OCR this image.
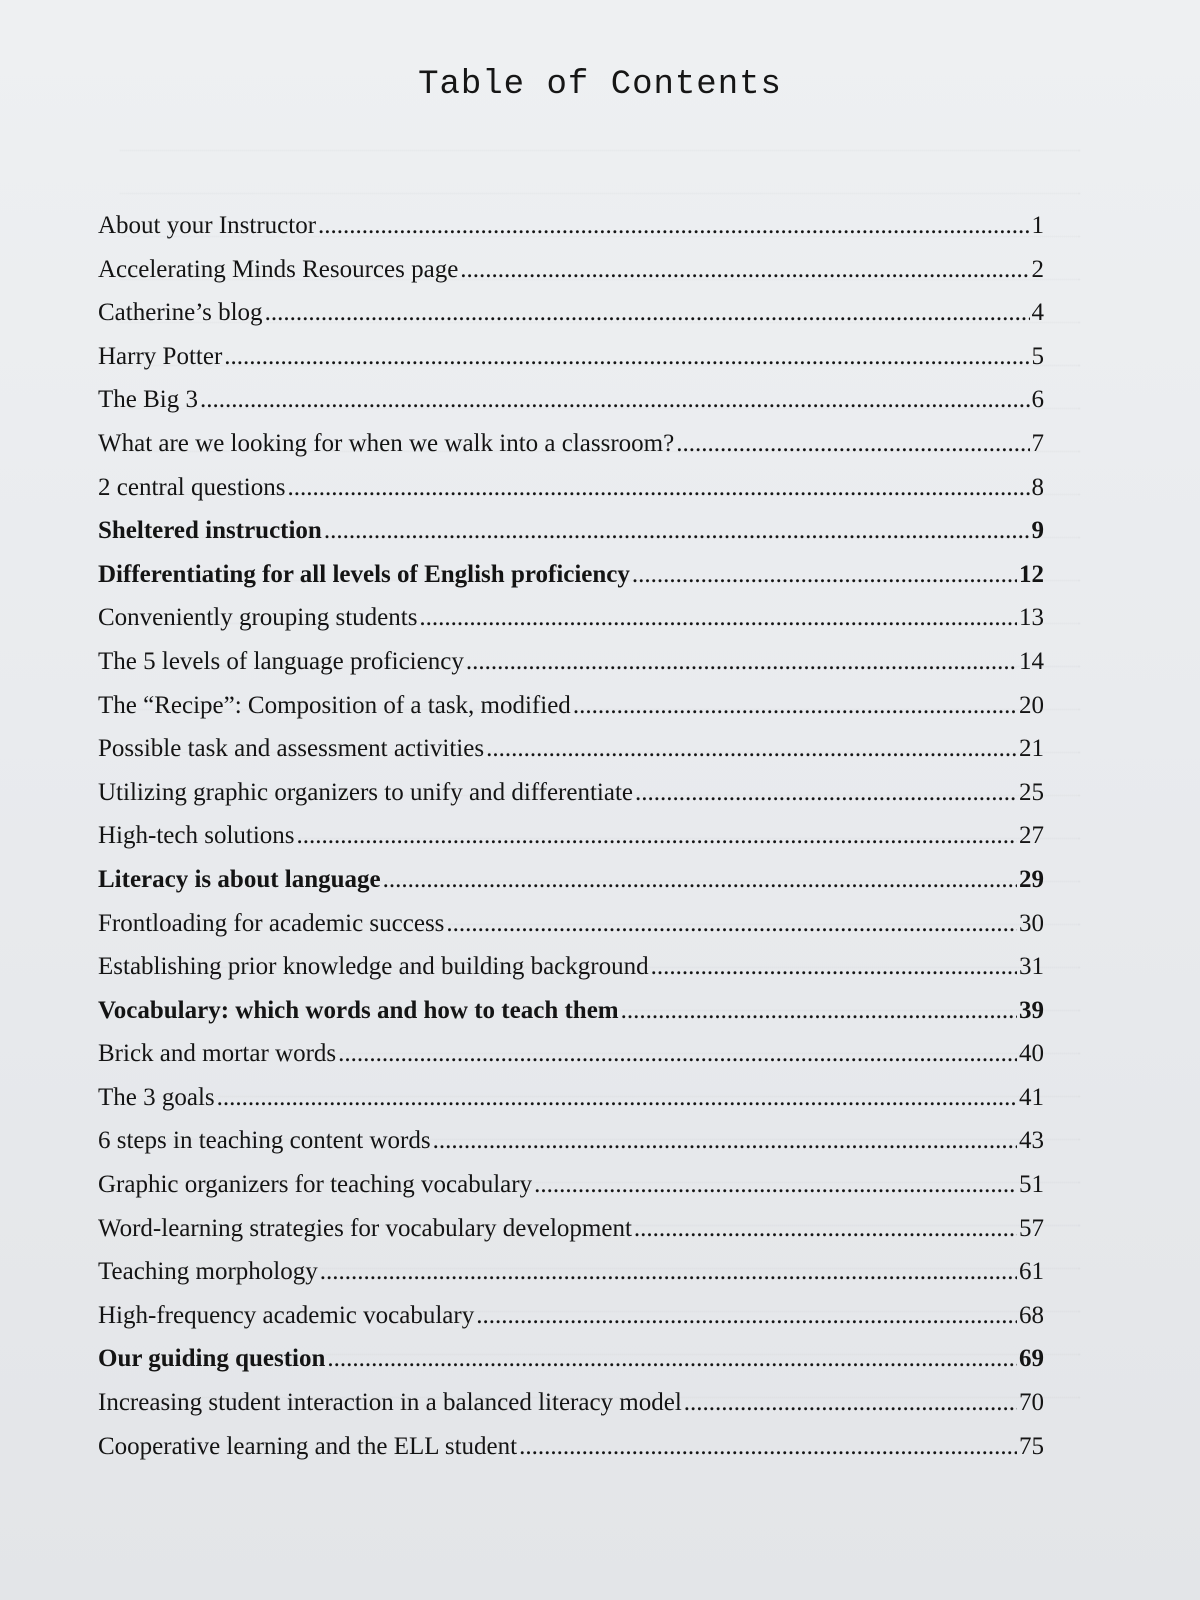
Table of Contents
About your Instructor .....	1
Accelerating Minds Resources page .....	2
Catherine’s blog .....	4
Harry Potter .....	5
The Big 3 .....	6
What are we looking for when we walk into a classroom? .....	7
2 central questions .....	8
Sheltered instruction .....	9
Differentiating for all levels of English proficiency .....	12
Conveniently grouping students .....	13
The 5 levels of language proficiency .....	14
The “Recipe”: Composition of a task, modified .....	20
Possible task and assessment activities .....	21
Utilizing graphic organizers to unify and differentiate .....	25
High-tech solutions .....	27
Literacy is about language .....	29
Frontloading for academic success .....	30
Establishing prior knowledge and building background .....	31
Vocabulary: which words and how to teach them .....	39
Brick and mortar words .....	40
The 3 goals .....	41
6 steps in teaching content words .....	43
Graphic organizers for teaching vocabulary .....	51
Word-learning strategies for vocabulary development .....	57
Teaching morphology .....	61
High-frequency academic vocabulary .....	68
Our guiding question .....	69
Increasing student interaction in a balanced literacy model .....	70
Cooperative learning and the ELL student .....	75
